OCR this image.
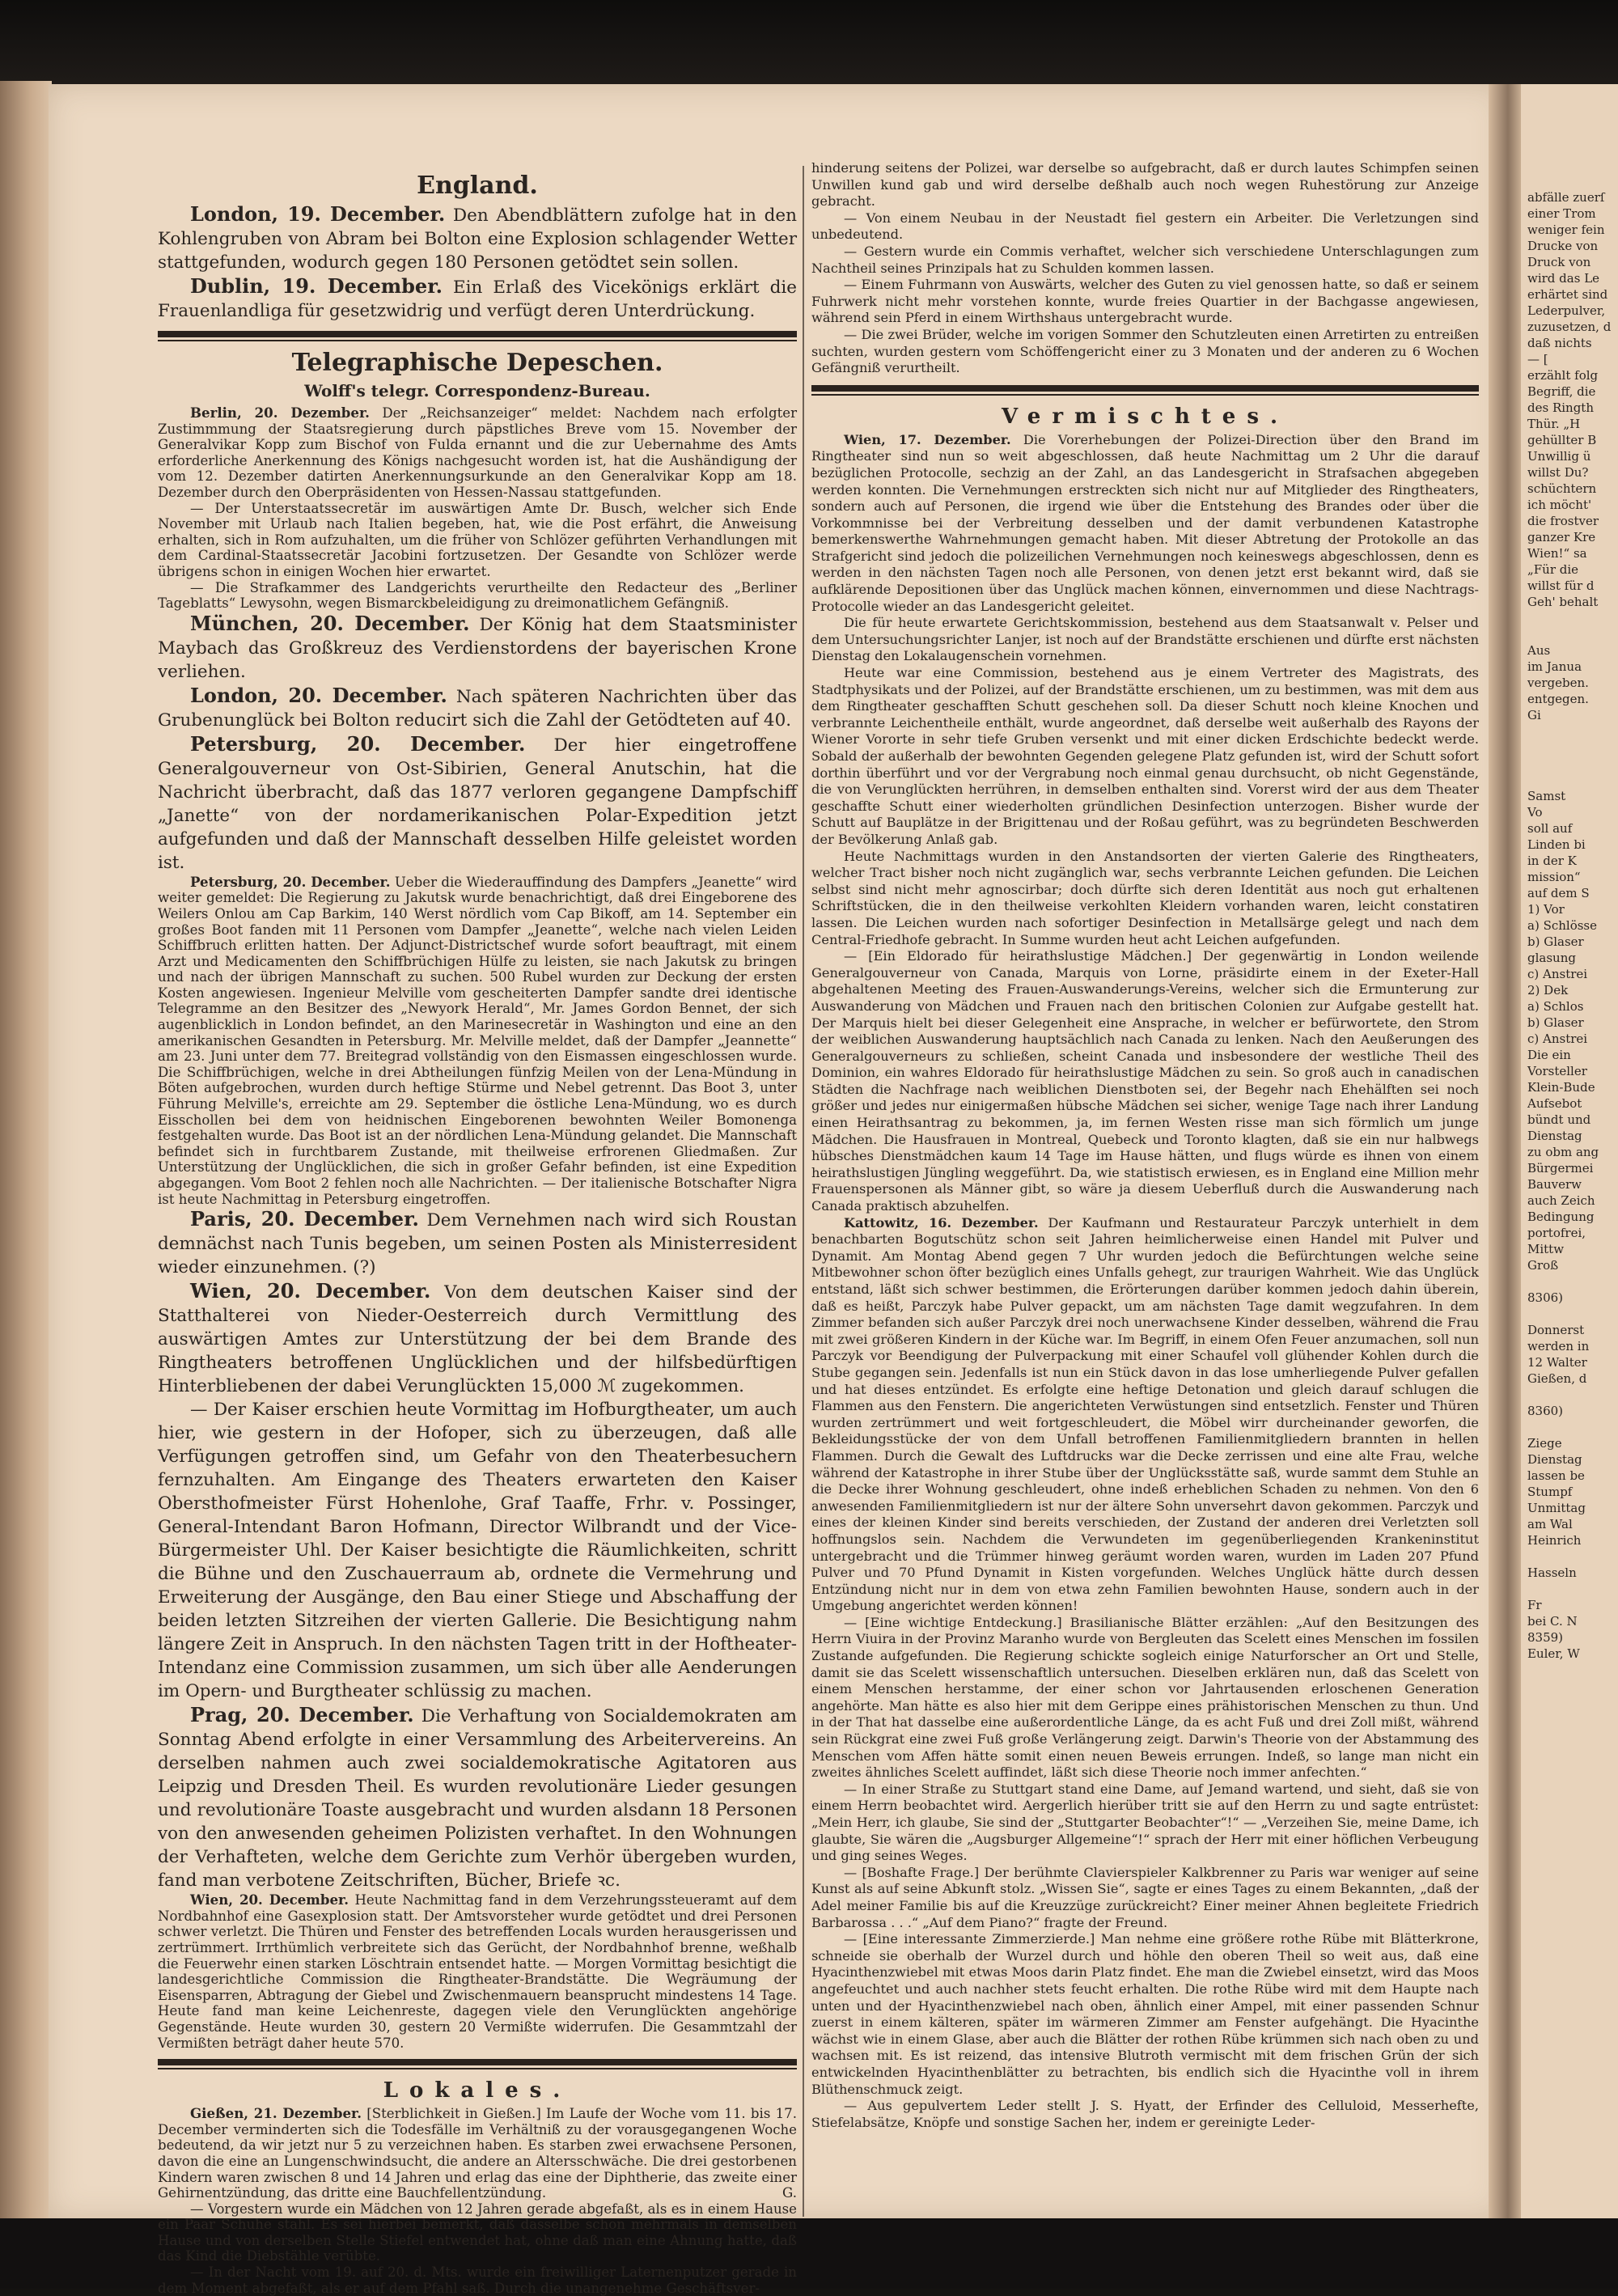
abfälle zuerſ
einer Trom
weniger fein
Drucke von
Druck von
wird das Le
erhärtet sind
Lederpulver,
zuzusetzen, d
daß nichts
— [
erzählt folg
Begriff, die
des Ringth
Thür. „H
gehüllter B
Unwillig ü
willst Du?
schüchtern
ich möcht'
die frostver
ganzer Kre
Wien!“ sa
„Für die
willst für d
Geh' behalt

Aus
im Janua
vergeben.
entgegen.
Gi

Samst
Vo
soll auf
Linden bi
in der K
mission“
auf dem S
1) Vor
a) Schlösse
b) Glaser
glasung
c) Anstrei
2) Dek
a) Schlos
b) Glaser
c) Anstrei
Die ein
Vorsteller
Klein-Bude
Aufsebot
bündt und
Dienstag
zu obm ang
Bürgermei
Bauverw
auch Zeich
Bedingung
portofrei,
Mittw
Groß

8306)

Donnerst
werden in
12 Walter
Gießen, d

8360)

Ziege
Dienstag
lassen be
Stumpf
Unmittag
am Wal
Heinrich

Hasseln

Fr
bei C. N
8359)
Euler, W
England.

London, 19. December. Den Abendblättern zufolge hat in den Kohlengruben von Abram bei Bolton eine Explosion schlagender Wetter stattgefunden, wodurch gegen 180 Personen getödtet sein sollen.

Dublin, 19. December. Ein Erlaß des Vicekönigs erklärt die Frauenlandliga für gesetzwidrig und verfügt deren Unterdrückung.

Telegraphische Depeschen.
Wolff's telegr. Correspondenz-Bureau.

Berlin, 20. Dezember. Der „Reichsanzeiger“ meldet: Nachdem nach erfolgter Zustimmmung der Staatsregierung durch päpstliches Breve vom 15. November der Generalvikar Kopp zum Bischof von Fulda ernannt und die zur Uebernahme des Amts erforderliche Anerkennung des Königs nachgesucht worden ist, hat die Aushändigung der vom 12. Dezember datirten Anerkennungsurkunde an den Generalvikar Kopp am 18. Dezember durch den Oberpräsidenten von Hessen-Nassau stattgefunden.

— Der Unterstaatssecretär im auswärtigen Amte Dr. Busch, welcher sich Ende November mit Urlaub nach Italien begeben, hat, wie die Post erfährt, die Anweisung erhalten, sich in Rom aufzuhalten, um die früher von Schlözer geführten Verhandlungen mit dem Cardinal-Staatssecretär Jacobini fortzusetzen. Der Gesandte von Schlözer werde übrigens schon in einigen Wochen hier erwartet.

— Die Strafkammer des Landgerichts verurtheilte den Redacteur des „Berliner Tageblatts“ Lewysohn, wegen Bismarckbeleidigung zu dreimonatlichem Gefängniß.

München, 20. December. Der König hat dem Staatsminister Maybach das Großkreuz des Verdienstordens der bayerischen Krone verliehen.

London, 20. December. Nach späteren Nachrichten über das Grubenunglück bei Bolton reducirt sich die Zahl der Getödteten auf 40.

Petersburg, 20. December. Der hier eingetroffene Generalgouverneur von Ost-Sibirien, General Anutschin, hat die Nachricht überbracht, daß das 1877 verloren gegangene Dampfschiff „Janette“ von der nordamerikanischen Polar-Expedition jetzt aufgefunden und daß der Mannschaft desselben Hilfe geleistet worden ist.

Petersburg, 20. December. Ueber die Wiederauffindung des Dampfers „Jeanette“ wird weiter gemeldet: Die Regierung zu Jakutsk wurde benachrichtigt, daß drei Eingeborene des Weilers Onlou am Cap Barkim, 140 Werst nördlich vom Cap Bikoff, am 14. September ein großes Boot fanden mit 11 Personen vom Dampfer „Jeanette“, welche nach vielen Leiden Schiffbruch erlitten hatten. Der Adjunct-Districtschef wurde sofort beauftragt, mit einem Arzt und Medicamenten den Schiffbrüchigen Hülfe zu leisten, sie nach Jakutsk zu bringen und nach der übrigen Mannschaft zu suchen. 500 Rubel wurden zur Deckung der ersten Kosten angewiesen. Ingenieur Melville vom gescheiterten Dampfer sandte drei identische Telegramme an den Besitzer des „Newyork Herald“, Mr. James Gordon Bennet, der sich augenblicklich in London befindet, an den Marinesecretär in Washington und eine an den amerikanischen Gesandten in Petersburg. Mr. Melville meldet, daß der Dampfer „Jeannette“ am 23. Juni unter dem 77. Breitegrad vollständig von den Eismassen eingeschlossen wurde. Die Schiffbrüchigen, welche in drei Abtheilungen fünfzig Meilen von der Lena-Mündung in Böten aufgebrochen, wurden durch heftige Stürme und Nebel getrennt. Das Boot 3, unter Führung Melville's, erreichte am 29. September die östliche Lena-Mündung, wo es durch Eisschollen bei dem von heidnischen Eingeborenen bewohnten Weiler Bomonenga festgehalten wurde. Das Boot ist an der nördlichen Lena-Mündung gelandet. Die Mannschaft befindet sich in furchtbarem Zustande, mit theilweise erfrorenen Gliedmaßen. Zur Unterstützung der Unglücklichen, die sich in großer Gefahr befinden, ist eine Expedition abgegangen. Vom Boot 2 fehlen noch alle Nachrichten. — Der italienische Botschafter Nigra ist heute Nachmittag in Petersburg eingetroffen.

Paris, 20. December. Dem Vernehmen nach wird sich Roustan demnächst nach Tunis begeben, um seinen Posten als Ministerresident wieder einzunehmen. (?)

Wien, 20. December. Von dem deutschen Kaiser sind der Statthalterei von Nieder-Oesterreich durch Vermittlung des auswärtigen Amtes zur Unterstützung der bei dem Brande des Ringtheaters betroffenen Unglücklichen und der hilfsbedürftigen Hinterbliebenen der dabei Verunglückten 15,000 ℳ zugekommen.

— Der Kaiser erschien heute Vormittag im Hofburgtheater, um auch hier, wie gestern in der Hofoper, sich zu überzeugen, daß alle Verfügungen getroffen sind, um Gefahr von den Theaterbesuchern fernzuhalten. Am Eingange des Theaters erwarteten den Kaiser Obersthofmeister Fürst Hohenlohe, Graf Taaffe, Frhr. v. Possinger, General-Intendant Baron Hofmann, Director Wilbrandt und der Vice-Bürgermeister Uhl. Der Kaiser besichtigte die Räumlichkeiten, schritt die Bühne und den Zuschauerraum ab, ordnete die Vermehrung und Erweiterung der Ausgänge, den Bau einer Stiege und Abschaffung der beiden letzten Sitzreihen der vierten Gallerie. Die Besichtigung nahm längere Zeit in Anspruch. In den nächsten Tagen tritt in der Hoftheater-Intendanz eine Commission zusammen, um sich über alle Aenderungen im Opern- und Burgtheater schlüssig zu machen.

Prag, 20. December. Die Verhaftung von Socialdemokraten am Sonntag Abend erfolgte in einer Versammlung des Arbeitervereins. An derselben nahmen auch zwei socialdemokratische Agitatoren aus Leipzig und Dresden Theil. Es wurden revolutionäre Lieder gesungen und revolutionäre Toaste ausgebracht und wurden alsdann 18 Personen von den anwesenden geheimen Polizisten verhaftet. In den Wohnungen der Verhafteten, welche dem Gerichte zum Verhör übergeben wurden, fand man verbotene Zeitschriften, Bücher, Briefe ꝛc.

Wien, 20. December. Heute Nachmittag fand in dem Verzehrungssteueramt auf dem Nordbahnhof eine Gasexplosion statt. Der Amtsvorsteher wurde getödtet und drei Personen schwer verletzt. Die Thüren und Fenster des betreffenden Locals wurden herausgerissen und zertrümmert. Irrthümlich verbreitete sich das Gerücht, der Nordbahnhof brenne, weßhalb die Feuerwehr einen starken Löschtrain entsendet hatte. — Morgen Vormittag besichtigt die landesgerichtliche Commission die Ringtheater-Brandstätte. Die Wegräumung der Eisensparren, Abtragung der Giebel und Zwischenmauern beansprucht mindestens 14 Tage. Heute fand man keine Leichenreste, dagegen viele den Verunglückten angehörige Gegenstände. Heute wurden 30, gestern 20 Vermißte widerrufen. Die Gesammtzahl der Vermißten beträgt daher heute 570.

Lokales.

Gießen, 21. Dezember. [Sterblichkeit in Gießen.] Im Laufe der Woche vom 11. bis 17. December verminderten sich die Todesfälle im Verhältniß zu der vorausgegangenen Woche bedeutend, da wir jetzt nur 5 zu verzeichnen haben. Es starben zwei erwachsene Personen, davon die eine an Lungenschwindsucht, die andere an Altersschwäche. Die drei gestorbenen Kindern waren zwischen 8 und 14 Jahren und erlag das eine der Diphtherie, das zweite einer Gehirnentzündung, das dritte eine Bauchfellentzündung.	G.

— Vorgestern wurde ein Mädchen von 12 Jahren gerade abgefaßt, als es in einem Hause ein Paar Schuhe stahl. Es sei hierbei bemerkt, daß dasselbe schon mehrmals in demselben Hause und von derselben Stelle Stiefel entwendet hat, ohne daß man eine Ahnung hatte, daß das Kind die Diebstähle verübte.

— In der Nacht vom 19. auf 20. d. Mts. wurde ein freiwilliger Laternenputzer gerade in dem Moment abgefaßt, als er auf dem Pfahl saß. Durch die unangenehme Geschäftsver-

hinderung seitens der Polizei, war derselbe so aufgebracht, daß er durch lautes Schimpfen seinen Unwillen kund gab und wird derselbe deßhalb auch noch wegen Ruhestörung zur Anzeige gebracht.

— Von einem Neubau in der Neustadt fiel gestern ein Arbeiter. Die Verletzungen sind unbedeutend.

— Gestern wurde ein Commis verhaftet, welcher sich verschiedene Unterschlagungen zum Nachtheil seines Prinzipals hat zu Schulden kommen lassen.

— Einem Fuhrmann von Auswärts, welcher des Guten zu viel genossen hatte, so daß er seinem Fuhrwerk nicht mehr vorstehen konnte, wurde freies Quartier in der Bachgasse angewiesen, während sein Pferd in einem Wirthshaus untergebracht wurde.

— Die zwei Brüder, welche im vorigen Sommer den Schutzleuten einen Arretirten zu entreißen suchten, wurden gestern vom Schöffengericht einer zu 3 Monaten und der anderen zu 6 Wochen Gefängniß verurtheilt.

Vermischtes.

Wien, 17. Dezember. Die Vorerhebungen der Polizei-Direction über den Brand im Ringtheater sind nun so weit abgeschlossen, daß heute Nachmittag um 2 Uhr die darauf bezüglichen Protocolle, sechzig an der Zahl, an das Landesgericht in Strafsachen abgegeben werden konnten. Die Vernehmungen erstreckten sich nicht nur auf Mitglieder des Ringtheaters, sondern auch auf Personen, die irgend wie über die Entstehung des Brandes oder über die Vorkommnisse bei der Verbreitung desselben und der damit verbundenen Katastrophe bemerkenswerthe Wahrnehmungen gemacht haben. Mit dieser Abtretung der Protokolle an das Strafgericht sind jedoch die polizeilichen Vernehmungen noch keineswegs abgeschlossen, denn es werden in den nächsten Tagen noch alle Personen, von denen jetzt erst bekannt wird, daß sie aufklärende Depositionen über das Unglück machen können, einvernommen und diese Nachtrags-Protocolle wieder an das Landesgericht geleitet.

Die für heute erwartete Gerichtskommission, bestehend aus dem Staatsanwalt v. Pelser und dem Untersuchungsrichter Lanjer, ist noch auf der Brandstätte erschienen und dürfte erst nächsten Dienstag den Lokalaugenschein vornehmen.

Heute war eine Commission, bestehend aus je einem Vertreter des Magistrats, des Stadtphysikats und der Polizei, auf der Brandstätte erschienen, um zu bestimmen, was mit dem aus dem Ringtheater geschafften Schutt geschehen soll. Da dieser Schutt noch kleine Knochen und verbrannte Leichentheile enthält, wurde angeordnet, daß derselbe weit außerhalb des Rayons der Wiener Vororte in sehr tiefe Gruben versenkt und mit einer dicken Erdschichte bedeckt werde. Sobald der außerhalb der bewohnten Gegenden gelegene Platz gefunden ist, wird der Schutt sofort dorthin überführt und vor der Vergrabung noch einmal genau durchsucht, ob nicht Gegenstände, die von Verunglückten herrühren, in demselben enthalten sind. Vorerst wird der aus dem Theater geschaffte Schutt einer wiederholten gründlichen Desinfection unterzogen. Bisher wurde der Schutt auf Bauplätze in der Brigittenau und der Roßau geführt, was zu begründeten Beschwerden der Bevölkerung Anlaß gab.

Heute Nachmittags wurden in den Anstandsorten der vierten Galerie des Ringtheaters, welcher Tract bisher noch nicht zugänglich war, sechs verbrannte Leichen gefunden. Die Leichen selbst sind nicht mehr agnoscirbar; doch dürfte sich deren Identität aus noch gut erhaltenen Schriftstücken, die in den theilweise verkohlten Kleidern vorhanden waren, leicht constatiren lassen. Die Leichen wurden nach sofortiger Desinfection in Metallsärge gelegt und nach dem Central-Friedhofe gebracht. In Summe wurden heut acht Leichen aufgefunden.

— [Ein Eldorado für heirathslustige Mädchen.] Der gegenwärtig in London weilende Generalgouverneur von Canada, Marquis von Lorne, präsidirte einem in der Exeter-Hall abgehaltenen Meeting des Frauen-Auswanderungs-Vereins, welcher sich die Ermunterung zur Auswanderung von Mädchen und Frauen nach den britischen Colonien zur Aufgabe gestellt hat. Der Marquis hielt bei dieser Gelegenheit eine Ansprache, in welcher er befürwortete, den Strom der weiblichen Auswanderung hauptsächlich nach Canada zu lenken. Nach den Aeußerungen des Generalgouverneurs zu schließen, scheint Canada und insbesondere der westliche Theil des Dominion, ein wahres Eldorado für heirathslustige Mädchen zu sein. So groß auch in canadischen Städten die Nachfrage nach weiblichen Dienstboten sei, der Begehr nach Ehehälften sei noch größer und jedes nur einigermaßen hübsche Mädchen sei sicher, wenige Tage nach ihrer Landung einen Heirathsantrag zu bekommen, ja, im fernen Westen risse man sich förmlich um junge Mädchen. Die Hausfrauen in Montreal, Quebeck und Toronto klagten, daß sie ein nur halbwegs hübsches Dienstmädchen kaum 14 Tage im Hause hätten, und flugs würde es ihnen von einem heirathslustigen Jüngling weggeführt. Da, wie statistisch erwiesen, es in England eine Million mehr Frauenspersonen als Männer gibt, so wäre ja diesem Ueberfluß durch die Auswanderung nach Canada praktisch abzuhelfen.

Kattowitz, 16. Dezember. Der Kaufmann und Restaurateur Parczyk unterhielt in dem benachbarten Bogutschütz schon seit Jahren heimlicherweise einen Handel mit Pulver und Dynamit. Am Montag Abend gegen 7 Uhr wurden jedoch die Befürchtungen welche seine Mitbewohner schon öfter bezüglich eines Unfalls gehegt, zur traurigen Wahrheit. Wie das Unglück entstand, läßt sich schwer bestimmen, die Erörterungen darüber kommen jedoch dahin überein, daß es heißt, Parczyk habe Pulver gepackt, um am nächsten Tage damit wegzufahren. In dem Zimmer befanden sich außer Parczyk drei noch unerwachsene Kinder desselben, während die Frau mit zwei größeren Kindern in der Küche war. Im Begriff, in einem Ofen Feuer anzumachen, soll nun Parczyk vor Beendigung der Pulverpackung mit einer Schaufel voll glühender Kohlen durch die Stube gegangen sein. Jedenfalls ist nun ein Stück davon in das lose umherliegende Pulver gefallen und hat dieses entzündet. Es erfolgte eine heftige Detonation und gleich darauf schlugen die Flammen aus den Fenstern. Die angerichteten Verwüstungen sind entsetzlich. Fenster und Thüren wurden zertrümmert und weit fortgeschleudert, die Möbel wirr durcheinander geworfen, die Bekleidungsstücke der von dem Unfall betroffenen Familienmitgliedern brannten in hellen Flammen. Durch die Gewalt des Luftdrucks war die Decke zerrissen und eine alte Frau, welche während der Katastrophe in ihrer Stube über der Unglücksstätte saß, wurde sammt dem Stuhle an die Decke ihrer Wohnung geschleudert, ohne indeß erheblichen Schaden zu nehmen. Von den 6 anwesenden Familienmitgliedern ist nur der ältere Sohn unversehrt davon gekommen. Parczyk und eines der kleinen Kinder sind bereits verschieden, der Zustand der anderen drei Verletzten soll hoffnungslos sein. Nachdem die Verwundeten im gegenüberliegenden Krankeninstitut untergebracht und die Trümmer hinweg geräumt worden waren, wurden im Laden 207 Pfund Pulver und 70 Pfund Dynamit in Kisten vorgefunden. Welches Unglück hätte durch dessen Entzündung nicht nur in dem von etwa zehn Familien bewohnten Hause, sondern auch in der Umgebung angerichtet werden können!

— [Eine wichtige Entdeckung.] Brasilianische Blätter erzählen: „Auf den Besitzungen des Herrn Viuira in der Provinz Maranho wurde von Bergleuten das Scelett eines Menschen im fossilen Zustande aufgefunden. Die Regierung schickte sogleich einige Naturforscher an Ort und Stelle, damit sie das Scelett wissenschaftlich untersuchen. Dieselben erklären nun, daß das Scelett von einem Menschen herstamme, der einer schon vor Jahrtausenden erloschenen Generation angehörte. Man hätte es also hier mit dem Gerippe eines prähistorischen Menschen zu thun. Und in der That hat dasselbe eine außerordentliche Länge, da es acht Fuß und drei Zoll mißt, während sein Rückgrat eine zwei Fuß große Verlängerung zeigt. Darwin's Theorie von der Abstammung des Menschen vom Affen hätte somit einen neuen Beweis errungen. Indeß, so lange man nicht ein zweites ähnliches Scelett auffindet, läßt sich diese Theorie noch immer anfechten.“

— In einer Straße zu Stuttgart stand eine Dame, auf Jemand wartend, und sieht, daß sie von einem Herrn beobachtet wird. Aergerlich hierüber tritt sie auf den Herrn zu und sagte entrüstet: „Mein Herr, ich glaube, Sie sind der „Stuttgarter Beobachter“!“ — „Verzeihen Sie, meine Dame, ich glaubte, Sie wären die „Augsburger Allgemeine“!“ sprach der Herr mit einer höflichen Verbeugung und ging seines Weges.

— [Boshafte Frage.] Der berühmte Clavierspieler Kalkbrenner zu Paris war weniger auf seine Kunst als auf seine Abkunft stolz. „Wissen Sie“, sagte er eines Tages zu einem Bekannten, „daß der Adel meiner Familie bis auf die Kreuzzüge zurückreicht? Einer meiner Ahnen begleitete Friedrich Barbarossa . . .“ „Auf dem Piano?“ fragte der Freund.

— [Eine interessante Zimmerzierde.] Man nehme eine größere rothe Rübe mit Blätterkrone, schneide sie oberhalb der Wurzel durch und höhle den oberen Theil so weit aus, daß eine Hyacinthenzwiebel mit etwas Moos darin Platz findet. Ehe man die Zwiebel einsetzt, wird das Moos angefeuchtet und auch nachher stets feucht erhalten. Die rothe Rübe wird mit dem Haupte nach unten und der Hyacinthenzwiebel nach oben, ähnlich einer Ampel, mit einer passenden Schnur zuerst in einem kälteren, später im wärmeren Zimmer am Fenster aufgehängt. Die Hyacinthe wächst wie in einem Glase, aber auch die Blätter der rothen Rübe krümmen sich nach oben zu und wachsen mit. Es ist reizend, das intensive Blutroth vermischt mit dem frischen Grün der sich entwickelnden Hyacinthenblätter zu betrachten, bis endlich sich die Hyacinthe voll in ihrem Blüthenschmuck zeigt.

— Aus gepulvertem Leder stellt J. S. Hyatt, der Erfinder des Celluloid, Messerhefte, Stiefelabsätze, Knöpfe und sonstige Sachen her, indem er gereinigte Leder-
